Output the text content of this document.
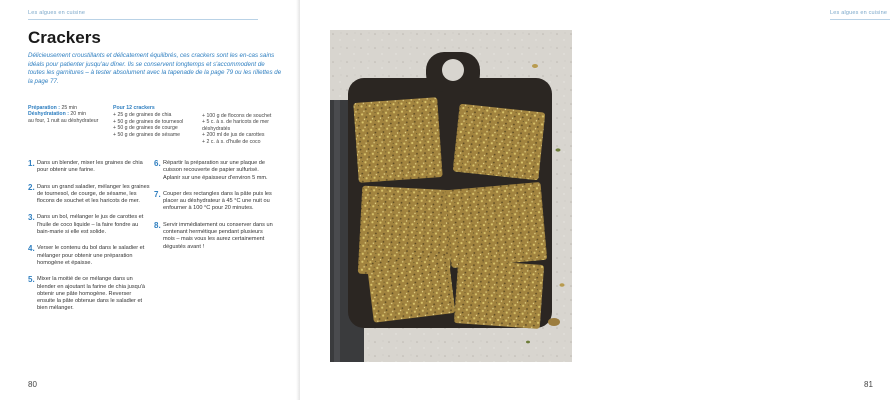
Les algues en cuisine
Crackers

Délicieusement croustillants et délicatement équilibrés, ces crackers sont les en-cas sains idéals pour patienter jusqu'au dîner. Ils se conservent longtemps et s'accommodent de toutes les garnitures – à tester absolument avec la tapenade de la page 79 ou les rillettes de la page 77.

Préparation : 25 min
Déshydratation : 20 min
au four, 1 nuit au déshydrateur
Pour 12 crackers
+ 25 g de graines de chia
+ 50 g de graines de tournesol
+ 50 g de graines de courge
+ 50 g de graines de sésame
+ 100 g de flocons de souchet
+ 5 c. à s. de haricots de mer déshydratés
+ 200 ml de jus de carottes
+ 2 c. à s. d'huile de coco
1. Dans un blender, mixer les graines de chia pour obtenir une farine.
2. Dans un grand saladier, mélanger les graines de tournesol, de courge, de sésame, les flocons de souchet et les haricots de mer.
3. Dans un bol, mélanger le jus de carottes et l'huile de coco liquide – la faire fondre au bain-marie si elle est solide.
4. Verser le contenu du bol dans le saladier et mélanger pour obtenir une préparation homogène et épaisse.
5. Mixer la moitié de ce mélange dans un blender en ajoutant la farine de chia jusqu'à obtenir une pâte homogène. Reverser ensuite la pâte obtenue dans le saladier et bien mélanger.
6. Répartir la préparation sur une plaque de cuisson recouverte de papier sulfurisé. Aplanir sur une épaisseur d'environ 5 mm.
7. Couper des rectangles dans la pâte puis les placer au déshydrateur à 45 °C une nuit ou enfourner à 100 °C pour 20 minutes.
8. Servir immédiatement ou conserver dans un contenant hermétique pendant plusieurs mois – mais vous les aurez certainement dégustés avant !
80
Les algues en cuisine
81
